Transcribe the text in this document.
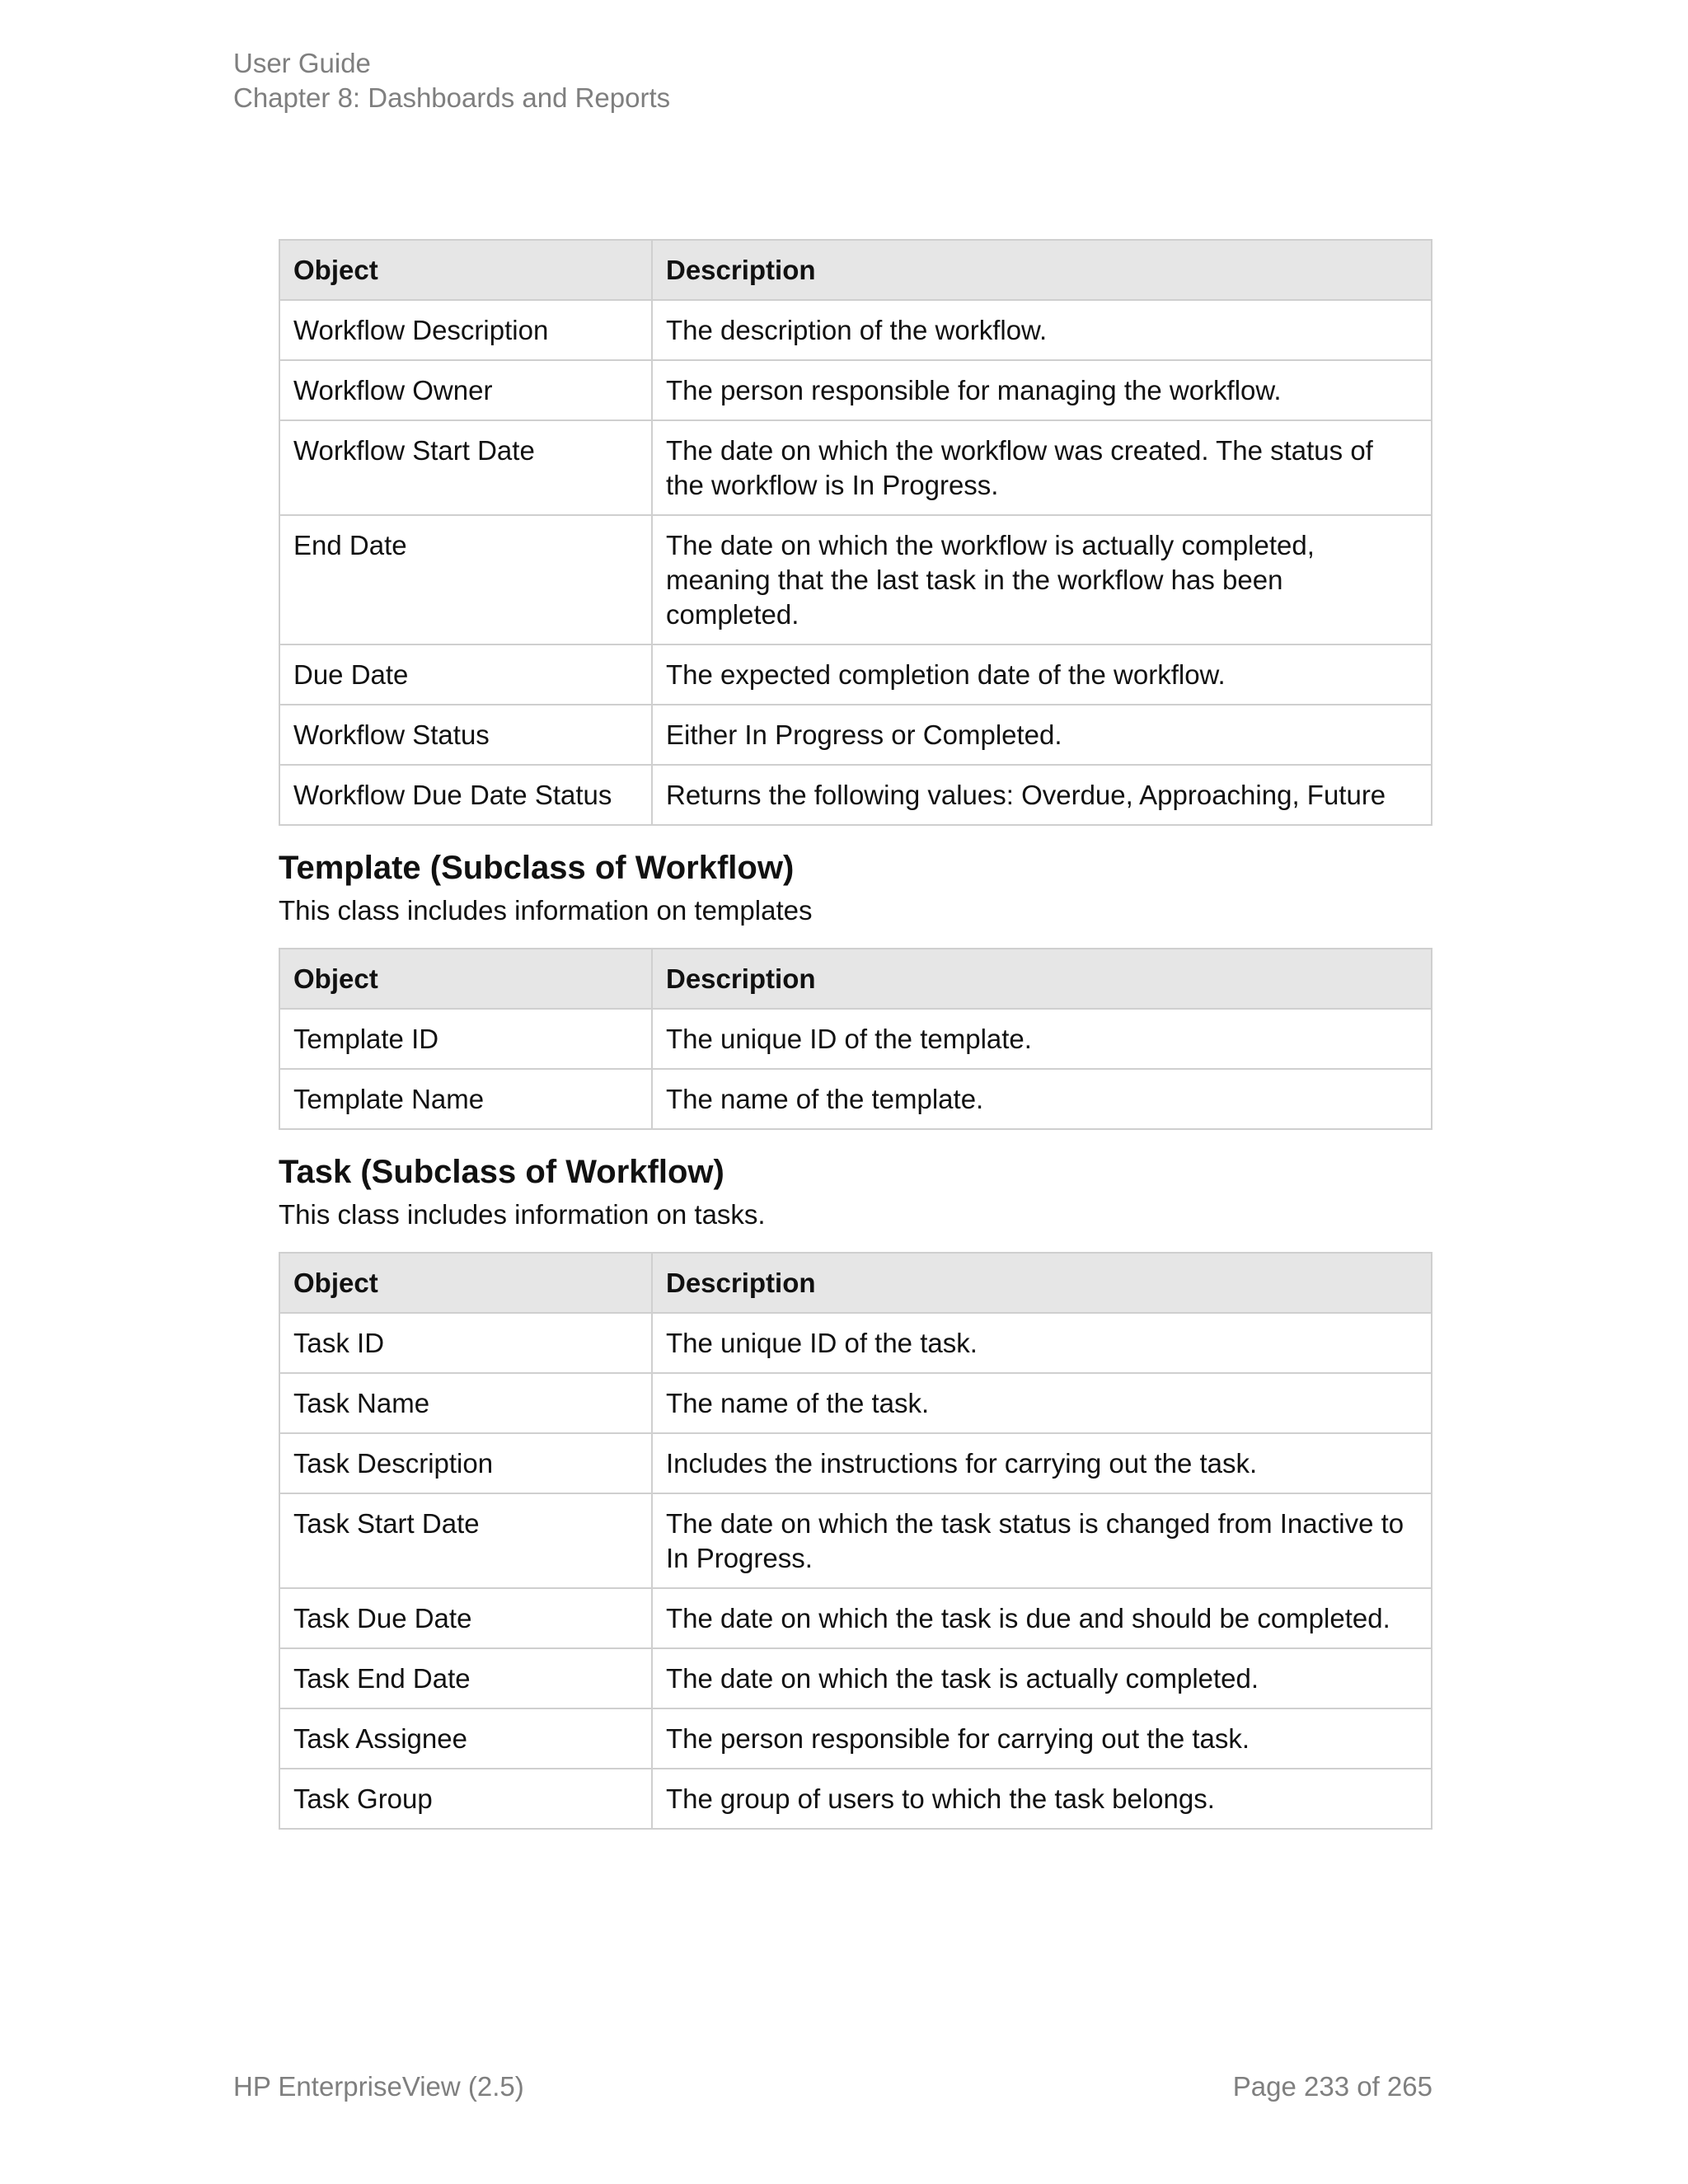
User Guide
Chapter 8: Dashboards and Reports
Object	Description
Workflow Description	The description of the workflow.
Workflow Owner	The person responsible for managing the workflow.
Workflow Start Date	The date on which the workflow was created. The status of the workflow is In Progress.
End Date	The date on which the workflow is actually completed, meaning that the last task in the workflow has been completed.
Due Date	The expected completion date of the workflow.
Workflow Status	Either In Progress or Completed.
Workflow Due Date Status	Returns the following values: Overdue, Approaching, Future
Template (Subclass of Workflow)

This class includes information on templates

Object	Description
Template ID	The unique ID of the template.
Template Name	The name of the template.
Task (Subclass of Workflow)

This class includes information on tasks.

Object	Description
Task ID	The unique ID of the task.
Task Name	The name of the task.
Task Description	Includes the instructions for carrying out the task.
Task Start Date	The date on which the task status is changed from Inactive to In Progress.
Task Due Date	The date on which the task is due and should be completed.
Task End Date	The date on which the task is actually completed.
Task Assignee	The person responsible for carrying out the task.
Task Group	The group of users to which the task belongs.
HP EnterpriseView (2.5)	Page 233 of 265
